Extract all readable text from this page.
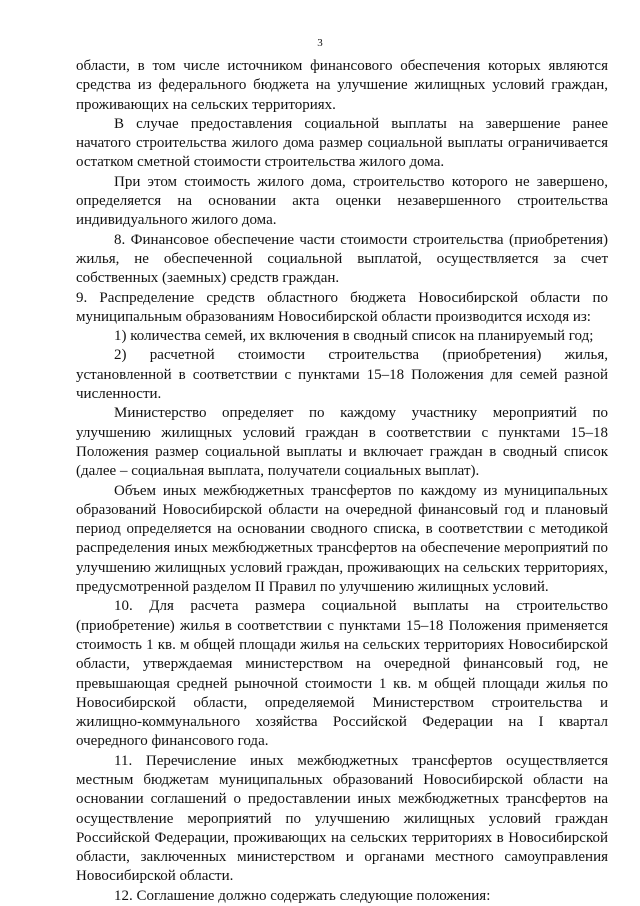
3

области, в том числе источником финансового обеспечения которых являются средства из федерального бюджета на улучшение жилищных условий граждан, проживающих на сельских территориях.

В случае предоставления социальной выплаты на завершение ранее начатого строительства жилого дома размер социальной выплаты ограничивается остатком сметной стоимости строительства жилого дома.

При этом стоимость жилого дома, строительство которого не завершено, определяется на основании акта оценки незавершенного строительства индивидуального жилого дома.

8. Финансовое обеспечение части стоимости строительства (приобретения) жилья, не обеспеченной социальной выплатой, осуществляется за счет собственных (заемных) средств граждан.

9. Распределение средств областного бюджета Новосибирской области по муниципальным образованиям Новосибирской области производится исходя из:

1) количества семей, их включения в сводный список на планируемый год;

2) расчетной стоимости строительства (приобретения) жилья, установленной в соответствии с пунктами 15–18 Положения для семей разной численности.

Министерство определяет по каждому участнику мероприятий по улучшению жилищных условий граждан в соответствии с пунктами 15–18 Положения размер социальной выплаты и включает граждан в сводный список (далее – социальная выплата, получатели социальных выплат).

Объем иных межбюджетных трансфертов по каждому из муниципальных образований Новосибирской области на очередной финансовый год и плановый период определяется на основании сводного списка, в соответствии с методикой распределения иных межбюджетных трансфертов на обеспечение мероприятий по улучшению жилищных условий граждан, проживающих на сельских территориях, предусмотренной разделом II Правил по улучшению жилищных условий.

10. Для расчета размера социальной выплаты на строительство (приобретение) жилья в соответствии с пунктами 15–18 Положения применяется стоимость 1 кв. м общей площади жилья на сельских территориях Новосибирской области, утверждаемая министерством на очередной финансовый год, не превышающая средней рыночной стоимости 1 кв. м общей площади жилья по Новосибирской области, определяемой Министерством строительства и жилищно-коммунального хозяйства Российской Федерации на I квартал очередного финансового года.

11. Перечисление иных межбюджетных трансфертов осуществляется местным бюджетам муниципальных образований Новосибирской области на основании соглашений о предоставлении иных межбюджетных трансфертов на осуществление мероприятий по улучшению жилищных условий граждан Российской Федерации, проживающих на сельских территориях в Новосибирской области, заключенных министерством и органами местного самоуправления Новосибирской области.

12. Соглашение должно содержать следующие положения:
